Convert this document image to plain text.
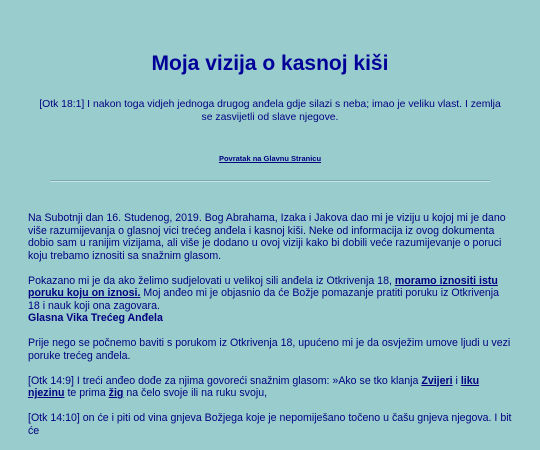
Moja vizija o kasnoj kiši

[Otk 18:1] I nakon toga vidjeh jednoga drugog anđela gdje silazi s neba; imao je veliku vlast. I zemlja se zasvijetli od slave njegove.

Povratak na Glavnu Stranicu

Na Subotnji dan 16. Studenog, 2019. Bog Abrahama, Izaka i Jakova dao mi je viziju u kojoj mi je dano više razumijevanja o glasnoj vici trećeg anđela i kasnoj kiši. Neke od informacija iz ovog dokumenta dobio sam u ranijim vizijama, ali više je dodano u ovoj viziji kako bi dobili veće razumijevanje o poruci koju trebamo iznositi sa snažnim glasom.

Pokazano mi je da ako želimo sudjelovati u velikoj sili anđela iz Otkrivenja 18, moramo iznositi istu poruku koju on iznosi. Moj anđeo mi je objasnio da će Božje pomazanje pratiti poruku iz Otkrivenja 18 i nauk koji ona zagovara.

Glasna Vika Trećeg Anđela

Prije nego se počnemo baviti s porukom iz Otkrivenja 18, upućeno mi je da osvježim umove ljudi u vezi poruke trećeg anđela.

[Otk 14:9] I treći anđeo dođe za njima govoreći snažnim glasom: »Ako se tko klanja Zvijeri i liku njezinu te prima žig na čelo svoje ili na ruku svoju,

[Otk 14:10] on će i piti od vina gnjeva Božjega koje je nepomiješano točeno u čašu gnjeva njegova. I bit će
